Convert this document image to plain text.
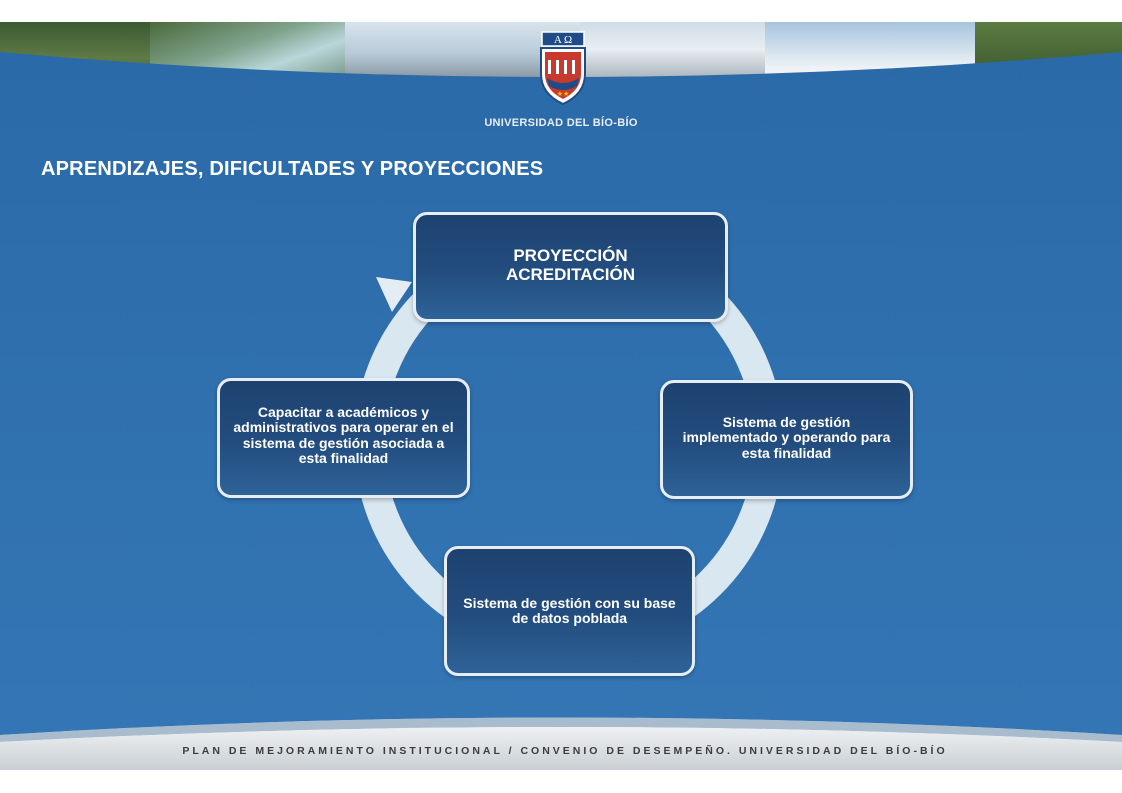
A Ω
★★
UNIVERSIDAD DEL BÍO-BÍO
APRENDIZAJES, DIFICULTADES Y PROYECCIONES
PROYECCIÓN
ACREDITACIÓN
Sistema de gestión implementado y operando para esta finalidad
Sistema de gestión con su base de datos poblada
Capacitar a académicos y administrativos para operar en el sistema de gestión asociada a esta finalidad
PLAN DE MEJORAMIENTO INSTITUCIONAL / CONVENIO DE DESEMPEÑO. UNIVERSIDAD DEL BÍO-BÍO
